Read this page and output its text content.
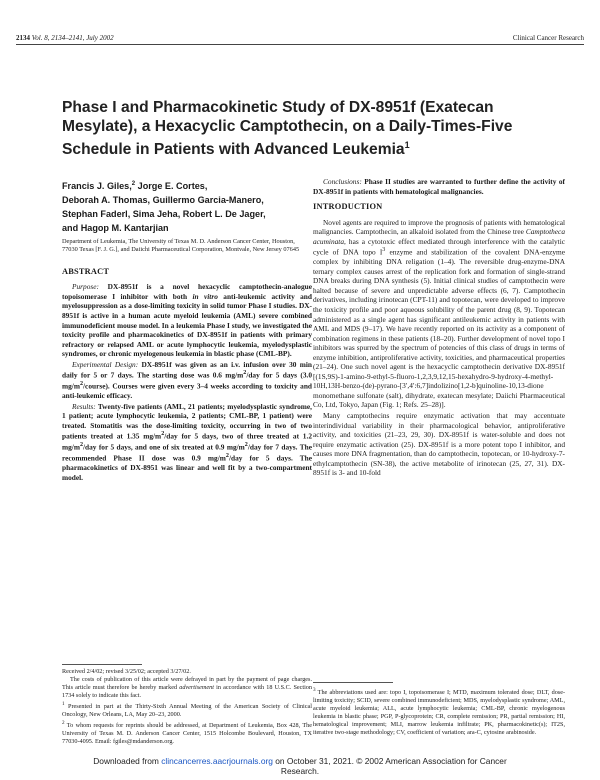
2134 Vol. 8, 2134–2141, July 2002	Clinical Cancer Research
Phase I and Pharmacokinetic Study of DX-8951f (Exatecan Mesylate), a Hexacyclic Camptothecin, on a Daily-Times-Five Schedule in Patients with Advanced Leukemia$^1$
Francis J. Giles,$^2$ Jorge E. Cortes,
Deborah A. Thomas, Guillermo Garcia-Manero,
Stephan Faderl, Sima Jeha, Robert L. De Jager,
and Hagop M. Kantarjian

Department of Leukemia, The University of Texas M. D. Anderson Cancer Center, Houston, 77030 Texas [F. J. G.], and Daiichi Pharmaceutical Corporation, Montvale, New Jersey 07645

ABSTRACT

Purpose: DX-8951f is a novel hexacyclic camptothecin-analogue topoisomerase I inhibitor with both in vitro anti-leukemic activity and myelosuppression as a dose-limiting toxicity in solid tumor Phase I studies. DX-8951f is active in a human acute myeloid leukemia (AML) severe combined immunodeficient mouse model. In a leukemia Phase I study, we investigated the toxicity profile and pharmacokinetics of DX-8951f in patients with primary refractory or relapsed AML or acute lymphocytic leukemia, myelodysplastic syndromes, or chronic myelogenous leukemia in blastic phase (CML-BP).

Experimental Design: DX-8951f was given as an i.v. infusion over 30 min daily for 5 or 7 days. The starting dose was 0.6 $mg/m^2$/day for 5 days (3.0 $mg/m^2/course$). Courses were given every 3–4 weeks according to toxicity and anti-leukemic efficacy.

Results: Twenty-five patients (AML, 21 patients; myelodysplastic syndrome, 1 patient; acute lymphocytic leukemia, 2 patients; CML-BP, 1 patient) were treated. Stomatitis was the dose-limiting toxicity, occurring in two of two patients treated at 1.35 $mg/m^2$/day for 5 days, two of three treated at 1.2 $mg/m^2$/day for 5 days, and one of six treated at 0.9 $mg/m^2$/day for 7 days. The recommended Phase II dose was 0.9 $mg/m^2$/day for 5 days. The pharmacokinetics of DX-8951 was linear and well fit by a two-compartment model.

Conclusions: Phase II studies are warranted to further define the activity of DX-8951f in patients with hematological malignancies.

INTRODUCTION

Novel agents are required to improve the prognosis of patients with hematological malignancies. Camptothecin, an alkaloid isolated from the Chinese tree Camptotheca acuminata, has a cytotoxic effect mediated through interference with the catalytic cycle of DNA topo $I^3$ enzyme and stabilization of the covalent DNA-enzyme complex by inhibiting DNA religation (1–4). The reversible drug-enzyme-DNA ternary complex causes arrest of the replication fork and formation of single-strand DNA breaks during DNA synthesis (5). Initial clinical studies of camptothecin were halted because of severe and unpredictable adverse effects (6, 7). Camptothecin derivatives, including irinotecan (CPT-11) and topotecan, were developed to improve the toxicity profile and poor aqueous solubility of the parent drug (8, 9). Topotecan administered as a single agent has significant antileukemic activity in patients with AML and MDS (9–17). We have recently reported on its activity as a component of combination regimens in these patients (18–20). Further development of novel topo I inhibitors was spurred by the spectrum of potencies of this class of drugs in terms of enzyme inhibition, antiproliferative activity, toxicities, and pharmaceutical properties (21–24). One such novel agent is the hexacyclic camptothecin derivative DX-8951f [(1S,9S)-1-amino-9-ethyl-5-fluoro-1,2,3,9,12,15-hexahydro-9-hydroxy-4-methyl-10H,13H-benzo-(de)-pyrano-[3′,4′:6,7]indolizino[1,2-b]quinoline-10,13-dione monomethane sulfonate (salt), dihydrate, exatecan mesylate; Daiichi Pharmaceutical Co, Ltd, Tokyo, Japan (Fig. 1; Refs. 25–28)].

Many camptothecins require enzymatic activation that may accentuate interindividual variability in their pharmacological behavior, antiproliferative activity, and toxicities (21–23, 29, 30). DX-8951f is water-soluble and does not require enzymatic activation (25). DX-8951f is a more potent topo I inhibitor, and causes more DNA fragmentation, than do camptothecin, topotecan, or 10-hydroxy-7-ethylcamptothecin (SN-38), the active metabolite of irinotecan (25, 27, 31). DX-8951f is 3- and 10-fold

Received 2/4/02; revised 3/25/02; accepted 3/27/02.

The costs of publication of this article were defrayed in part by the payment of page charges. This article must therefore be hereby marked advertisement in accordance with 18 U.S.C. Section 1734 solely to indicate this fact.

$^1$ Presented in part at the Thirty-Sixth Annual Meeting of the American Society of Clinical Oncology, New Orleans, LA, May 20–23, 2000.

$^2$ To whom requests for reprints should be addressed, at Department of Leukemia, Box 428, The University of Texas M. D. Anderson Cancer Center, 1515 Holcombe Boulevard, Houston, TX 77030-4095. Email: fgiles@mdanderson.org.

$^3$ The abbreviations used are: topo I, topoisomerase I; MTD, maximum tolerated dose; DLT, dose-limiting toxicity; SCID, severe combined immunodeficient; MDS, myelodysplastic syndrome; AML, acute myeloid leukemia; ALL, acute lymphocytic leukemia; CML-BP, chronic myelogenous leukemia in blastic phase; PGP, P-glycoprotein; CR, complete remission; PR, partial remission; HI, hematological improvement; MLI, marrow leukemia infiltrate; PK, pharmacokinetic(s); IT2S, iterative two-stage methodology; CV, coefficient of variation; ara-C, cytosine arabinoside.

Downloaded from clincancerres.aacrjournals.org on October 31, 2021. © 2002 American Association for Cancer
Research.
